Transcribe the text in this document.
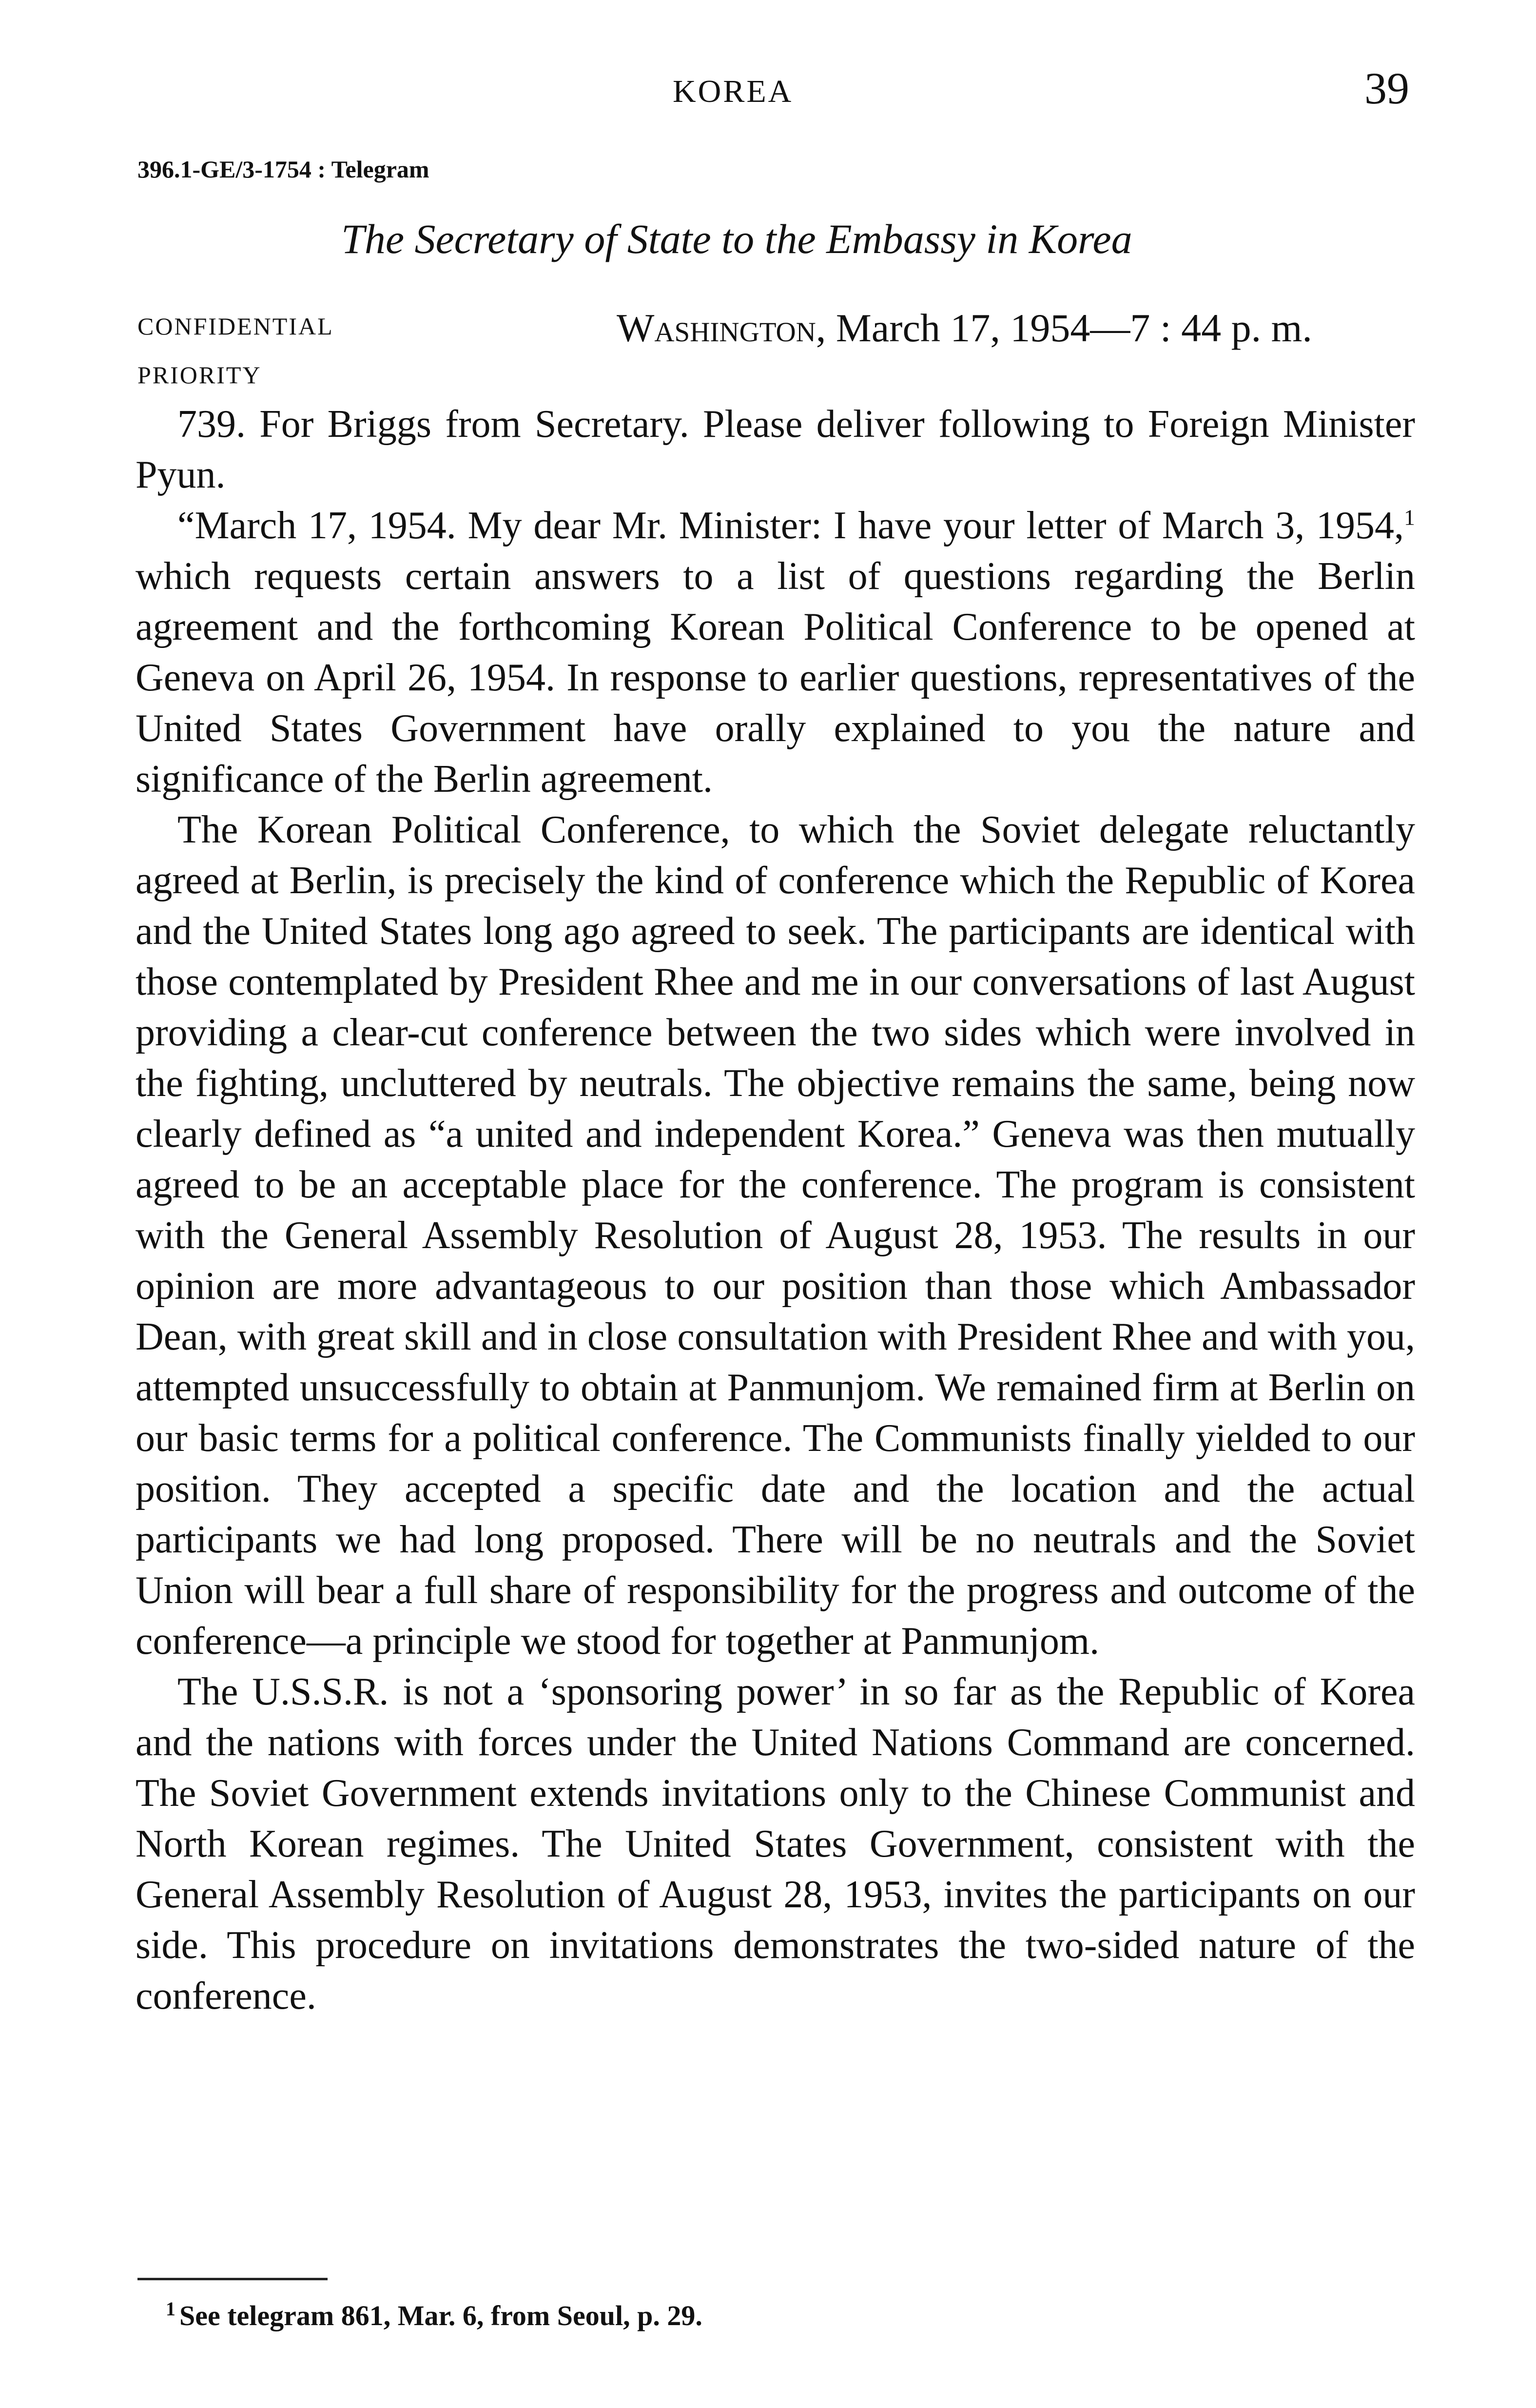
KOREA	39
396.1-GE/3-1754 : Telegram
The Secretary of State to the Embassy in Korea
CONFIDENTIAL
PRIORITY
Washington, March 17, 1954—7 : 44 p. m.

739. For Briggs from Secretary. Please deliver following to Foreign Minister Pyun.

“March 17, 1954. My dear Mr. Minister: I have your letter of March 3, 1954,$^1$ which requests certain answers to a list of questions regarding the Berlin agreement and the forthcoming Korean Political Conference to be opened at Geneva on April 26, 1954. In response to earlier questions, representatives of the United States Government have orally explained to you the nature and significance of the Berlin agreement.

The Korean Political Conference, to which the Soviet delegate reluctantly agreed at Berlin, is precisely the kind of conference which the Republic of Korea and the United States long ago agreed to seek. The participants are identical with those contemplated by President Rhee and me in our conversations of last August providing a clear-cut conference between the two sides which were involved in the fighting, uncluttered by neutrals. The objective remains the same, being now clearly defined as “a united and independent Korea.” Geneva was then mutually agreed to be an acceptable place for the conference. The program is consistent with the General Assembly Resolution of August 28, 1953. The results in our opinion are more advantageous to our position than those which Ambassador Dean, with great skill and in close consultation with President Rhee and with you, attempted unsuccessfully to obtain at Panmunjom. We remained firm at Berlin on our basic terms for a political conference. The Communists finally yielded to our position. They accepted a specific date and the location and the actual participants we had long proposed. There will be no neutrals and the Soviet Union will bear a full share of responsibility for the progress and outcome of the conference—a principle we stood for together at Panmunjom.

The U.S.S.R. is not a ‘sponsoring power’ in so far as the Republic of Korea and the nations with forces under the United Nations Command are concerned. The Soviet Government extends invitations only to the Chinese Communist and North Korean regimes. The United States Government, consistent with the General Assembly Resolution of August 28, 1953, invites the participants on our side. This procedure on invitations demonstrates the two-sided nature of the conference.

$^1$ See telegram 861, Mar. 6, from Seoul, p. 29.
